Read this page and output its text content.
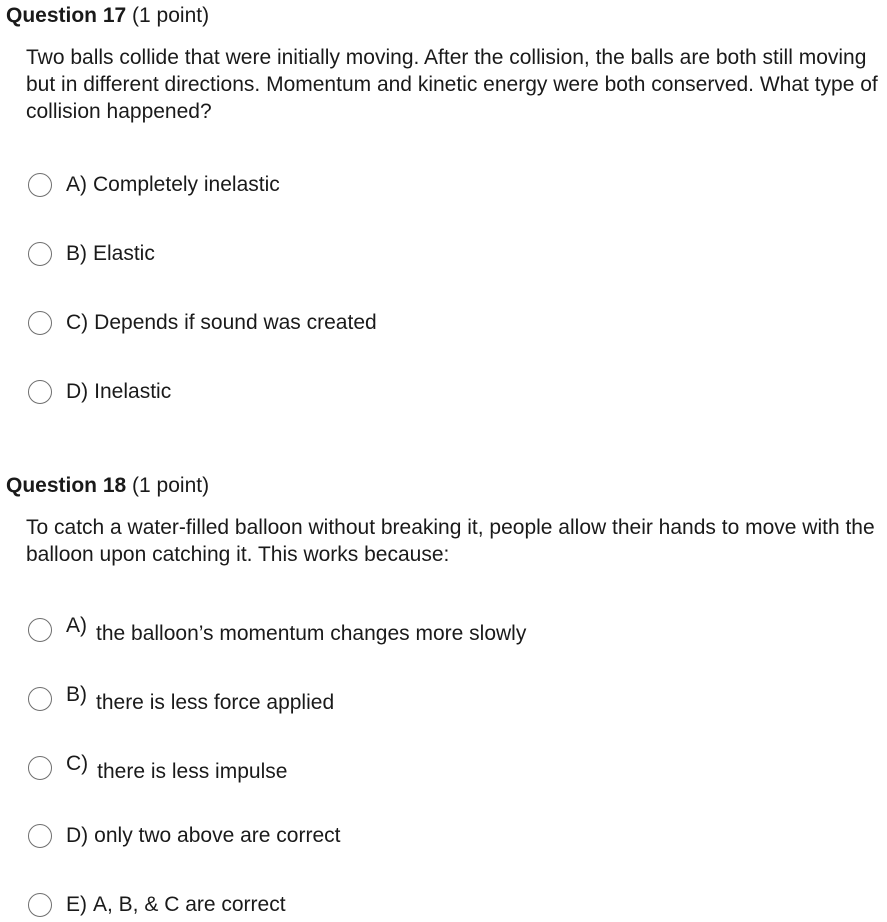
Question 17 (1 point)
Two balls collide that were initially moving. After the collision, the balls are both still moving but in different directions. Momentum and kinetic energy were both conserved. What type of collision happened?
A) Completely inelastic
B) Elastic
C) Depends if sound was created
D) Inelastic
Question 18 (1 point)
To catch a water-filled balloon without breaking it, people allow their hands to move with the balloon upon catching it. This works because:
A) the balloon’s momentum changes more slowly
B) there is less force applied
C) there is less impulse
D) only two above are correct
E) A, B, & C are correct
